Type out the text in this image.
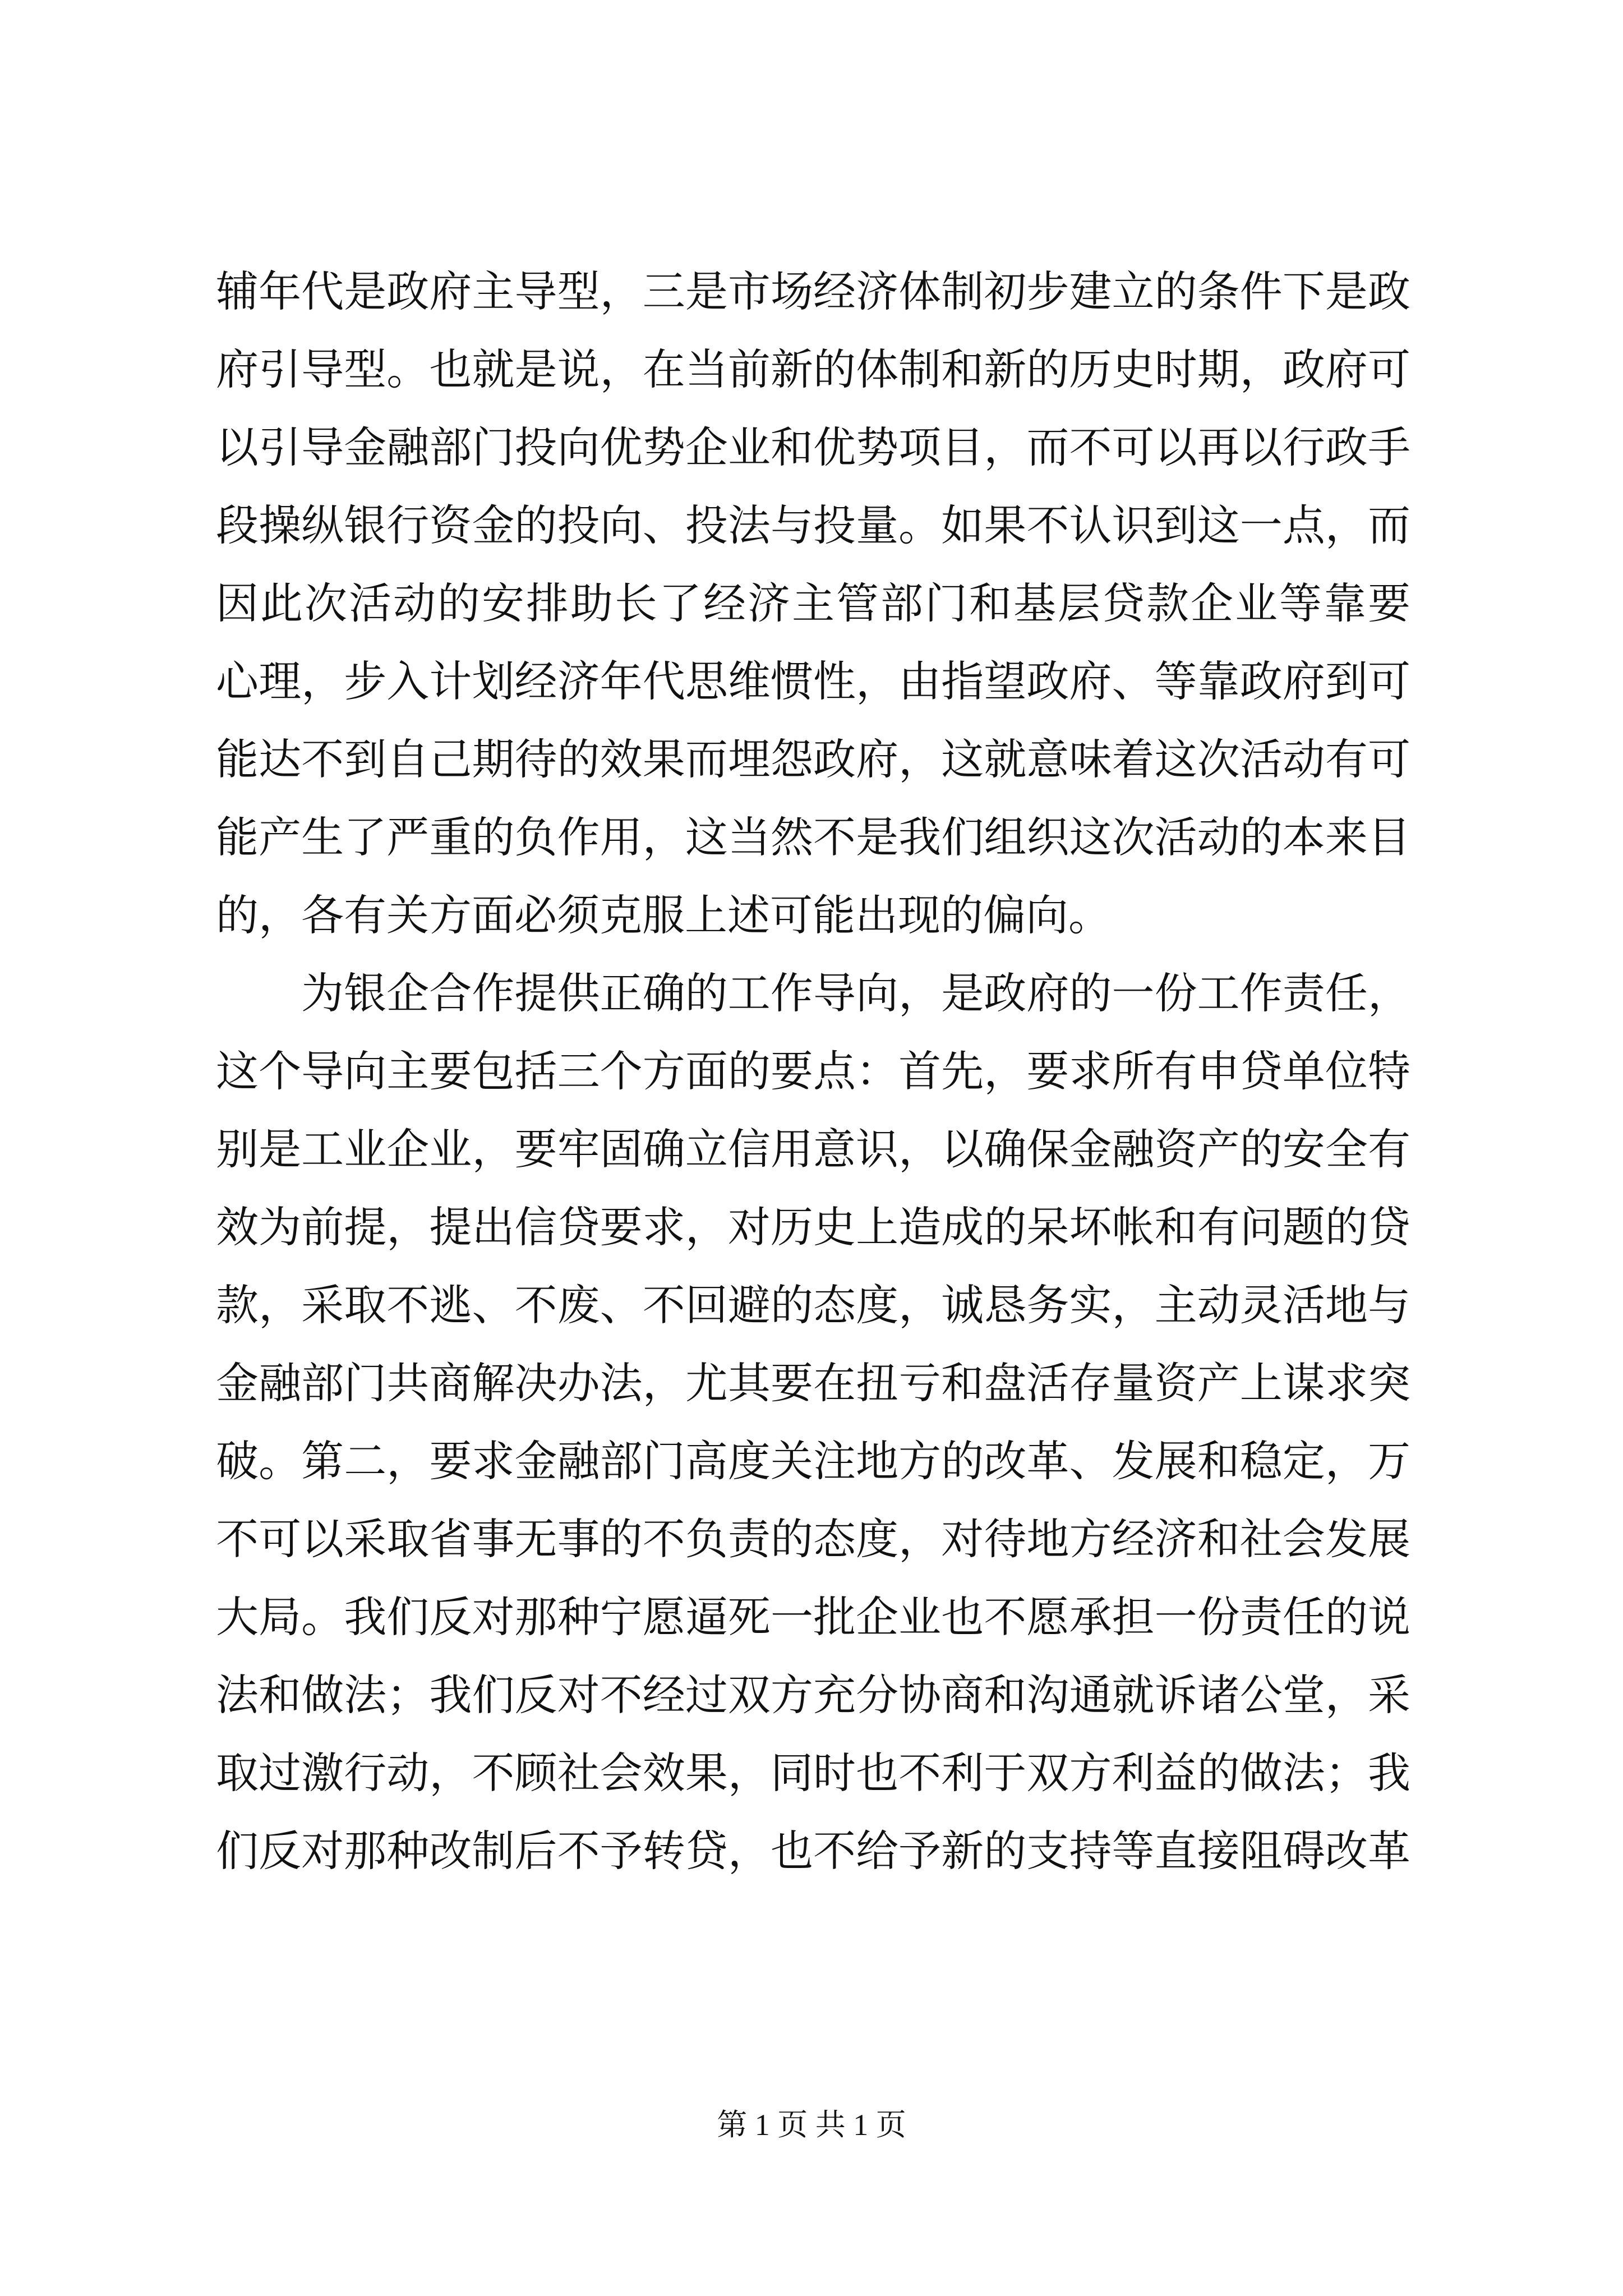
辅年代是政府主导型，三是市场经济体制初步建立的条件下是政
府引导型。也就是说，在当前新的体制和新的历史时期，政府可
以引导金融部门投向优势企业和优势项目，而不可以再以行政手
段操纵银行资金的投向、投法与投量。如果不认识到这一点，而
因此次活动的安排助长了经济主管部门和基层贷款企业等靠要
心理，步入计划经济年代思维惯性，由指望政府、等靠政府到可
能达不到自己期待的效果而埋怨政府，这就意味着这次活动有可
能产生了严重的负作用，这当然不是我们组织这次活动的本来目
的，各有关方面必须克服上述可能出现的偏向。
为银企合作提供正确的工作导向，是政府的一份工作责任，
这个导向主要包括三个方面的要点：首先，要求所有申贷单位特
别是工业企业，要牢固确立信用意识，以确保金融资产的安全有
效为前提，提出信贷要求，对历史上造成的呆坏帐和有问题的贷
款，采取不逃、不废、不回避的态度，诚恳务实，主动灵活地与
金融部门共商解决办法，尤其要在扭亏和盘活存量资产上谋求突
破。第二，要求金融部门高度关注地方的改革、发展和稳定，万
不可以采取省事无事的不负责的态度，对待地方经济和社会发展
大局。我们反对那种宁愿逼死一批企业也不愿承担一份责任的说
法和做法；我们反对不经过双方充分协商和沟通就诉诸公堂，采
取过激行动，不顾社会效果，同时也不利于双方利益的做法；我
们反对那种改制后不予转贷，也不给予新的支持等直接阻碍改革
第 1 页 共 1 页
